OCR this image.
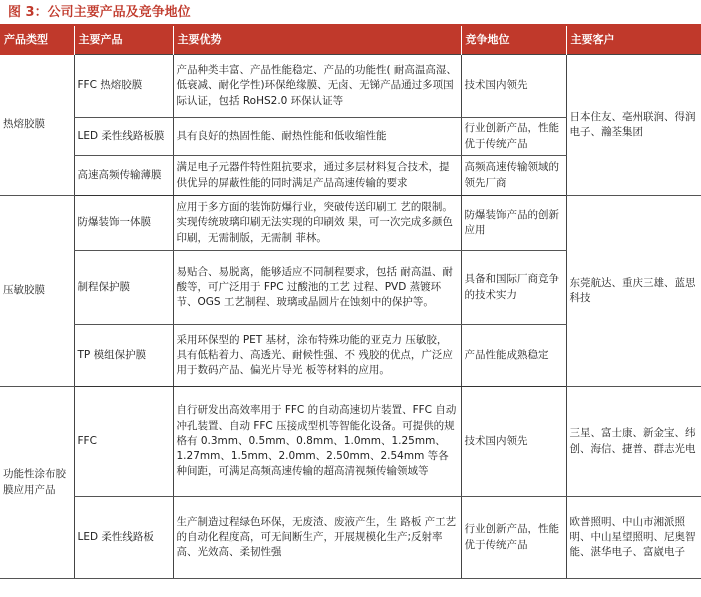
图 3：公司主要产品及竞争地位
产品类型	主要产品	主要优势	竞争地位	主要客户
热熔胶膜	FFC 热熔胶膜	产品种类丰富、产品性能稳定、产品的功能性( 耐高温高湿、低衰减、耐化学性)环保绝缘膜、无卤、无锑产品通过多项国际认证，包括 RoHS2.0 环保认证等	技术国内领先	日本住友、亳州联润、得润电子、瀚荃集团
	LED 柔性线路板膜	具有良好的热固性能、耐热性能和低收缩性能	行业创新产品，性能优于传统产品	
	高速高频传输薄膜	满足电子元器件特性阻抗要求，通过多层材料复合技术，提供优异的屏蔽性能的同时满足产品高速传输的要求	高频高速传输领域的领先厂商	
压敏胶膜	防爆装饰一体膜	应用于多方面的装饰防爆行业，突破传送印刷工 艺的限制。实现传统玻璃印刷无法实现的印刷效 果，可一次完成多颜色印刷，无需制版，无需制 菲林。	防爆装饰产品的创新应用	东莞航达、重庆三雄、蓝思科技
	制程保护膜	易贴合、易脱离，能够适应不同制程要求，包括 耐高温、耐酸等，可广泛用于 FPC 过酸池的工艺 过程、PVD 蒸镀环节、OGS 工艺制程、玻璃或晶圆片在蚀刻中的保护等。	具备和国际厂商竞争的技术实力	
	TP 模组保护膜	采用环保型的 PET 基材，涂布特殊功能的亚克力 压敏胶，具有低粘着力、高透光、耐候性强、不 残胶的优点，广泛应用于数码产品、偏光片导光 板等材料的应用。	产品性能成熟稳定	
功能性涂布胶膜应用产品	FFC	自行研发出高效率用于 FFC 的自动高速切片装置、FFC 自动冲孔装置、自动 FFC 压接成型机等智能化设备。可提供的规格有 0.3mm、0.5mm、0.8mm、1.0mm、1.25mm、1.27mm、1.5mm、2.0mm、2.50mm、2.54mm 等各种间距，可满足高频高速传输的超高清视频传输领域等	技术国内领先	三星、富士康、新金宝、纬创、海信、捷普、群志光电
	LED 柔性线路板	生产制造过程绿色环保，无废渣、废液产生，生 路板 产工艺的自动化程度高，可无间断生产，开展规模化生产;反射率高、光效高、柔韧性强	行业创新产品，性能优于传统产品	欧普照明、中山市湘派照明、中山星望照明、尼奥智能、湛华电子、富崴电子
